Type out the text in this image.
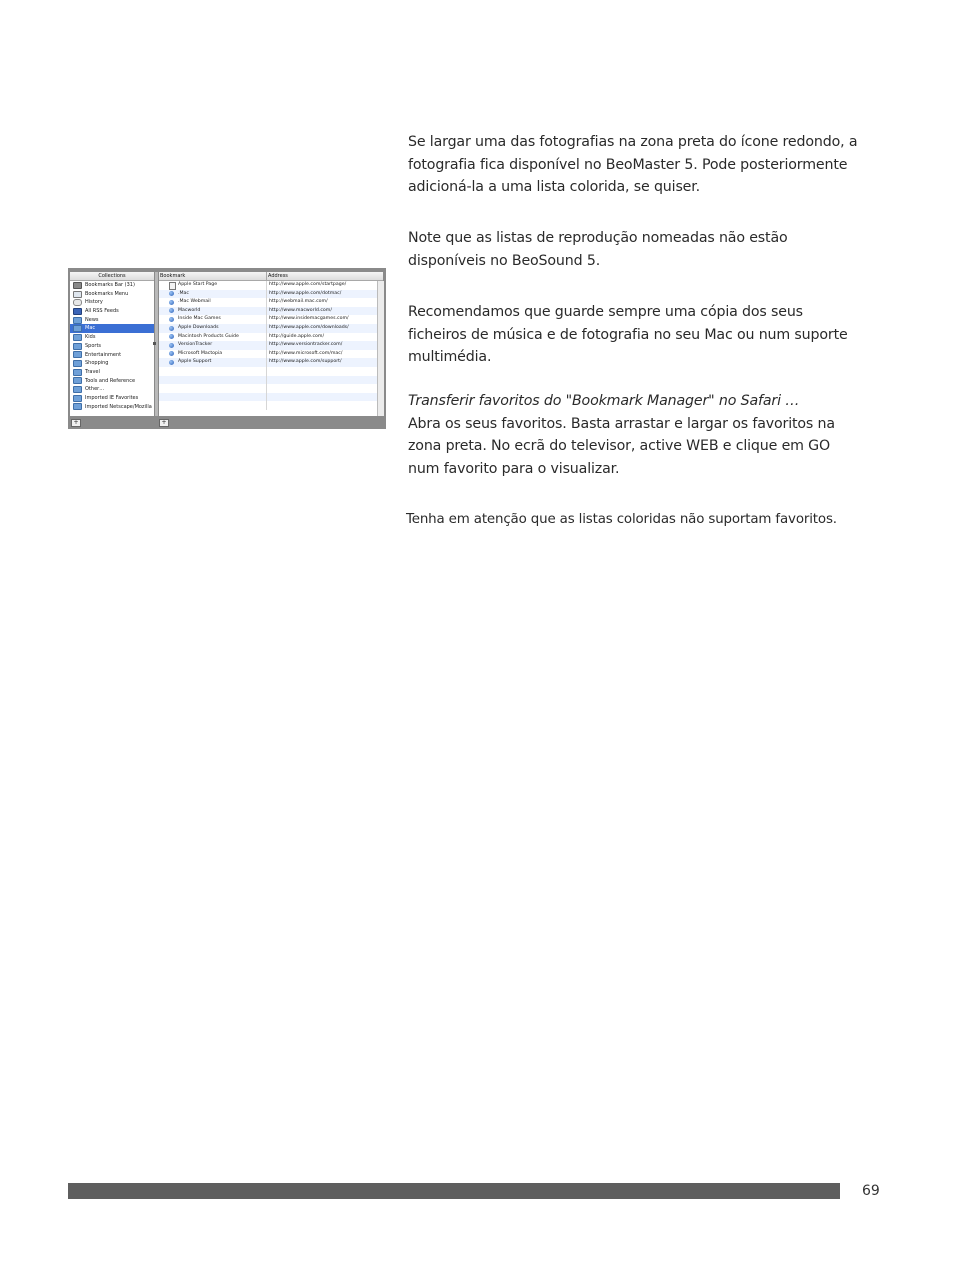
Se largar uma das fotografias na zona preta do ícone redondo, a fotografia fica disponível no BeoMaster 5. Pode posteriormente adicioná-la a uma lista colorida, se quiser.

Note que as listas de reprodução nomeadas não estão disponíveis no BeoSound 5.

Recomendamos que guarde sempre uma cópia dos seus ficheiros de música e de fotografia no seu Mac ou num suporte multimédia.

Transferir favoritos do "Bookmark Manager" no Safari …
Abra os seus favoritos. Basta arrastar e largar os favoritos na zona preta. No ecrã do televisor, active WEB e clique em GO num favorito para o visualizar.

Tenha em atenção que as listas coloridas não suportam favoritos.

Collections
Bookmarks Bar (31)
Bookmarks Menu
History
All RSS Feeds
News
Mac
Kids
Sports
Entertainment
Shopping
Travel
Tools and Reference
Other…
Imported IE Favorites
Imported Netscape/Mozilla
Bookmark	Address
Apple Start Page	http://www.apple.com/startpage/
.Mac	http://www.apple.com/dotmac/
.Mac Webmail	http://webmail.mac.com/
Macworld	http://www.macworld.com/
Inside Mac Games	http://www.insidemacgames.com/
Apple Downloads	http://www.apple.com/downloads/
Macintosh Products Guide	http://guide.apple.com/
VersionTracker	http://www.versiontracker.com/
Microsoft Mactopia	http://www.microsoft.com/mac/
Apple Support	http://www.apple.com/support/
+	+
69
